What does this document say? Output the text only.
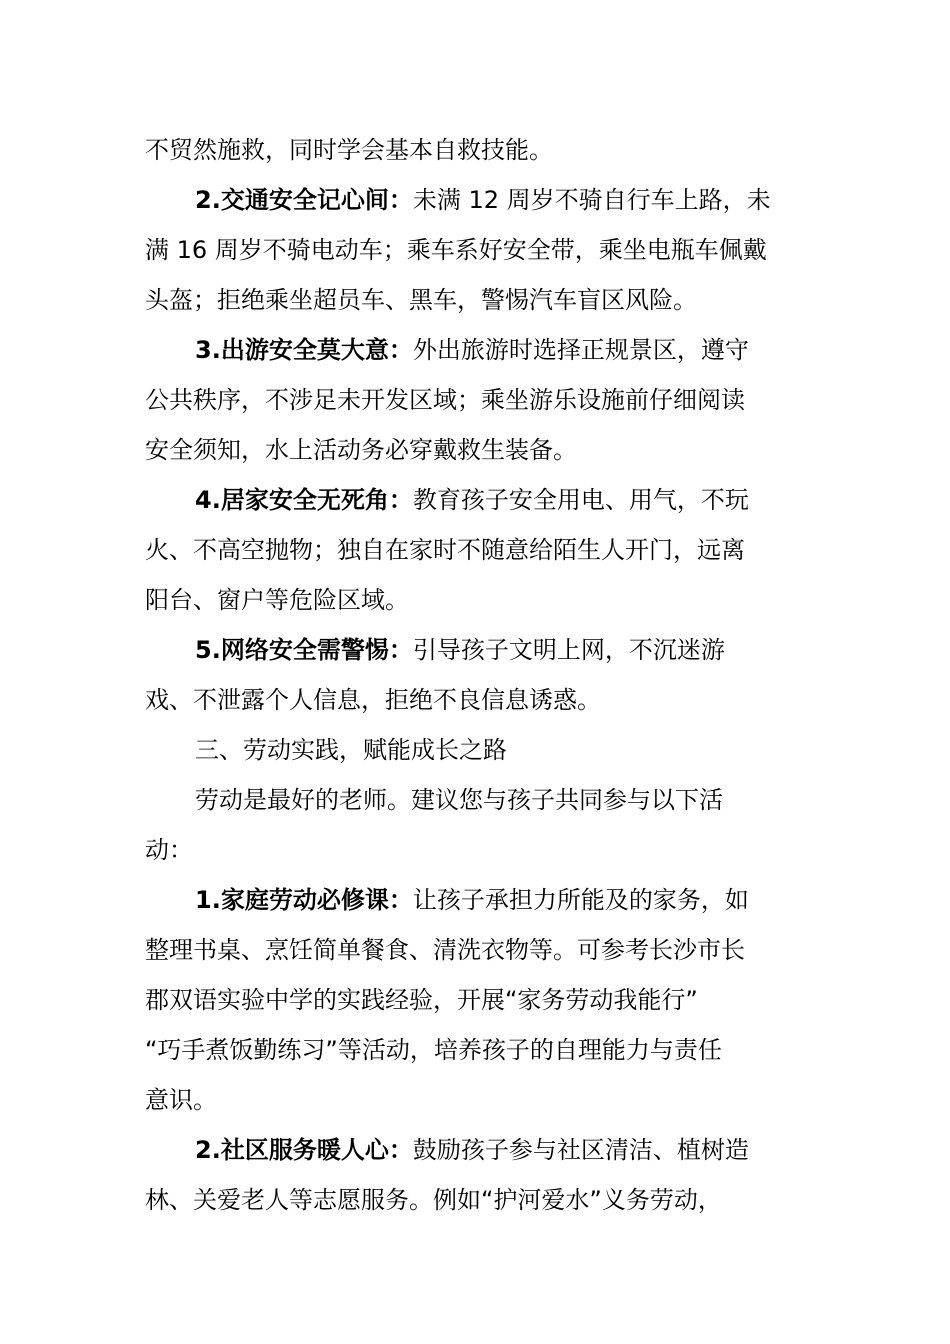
不贸然施救，同时学会基本自救技能。
2.交通安全记心间：未满 12 周岁不骑自行车上路，未
满 16 周岁不骑电动车；乘车系好安全带，乘坐电瓶车佩戴
头盔；拒绝乘坐超员车、黑车，警惕汽车盲区风险。
3.出游安全莫大意：外出旅游时选择正规景区，遵守
公共秩序，不涉足未开发区域；乘坐游乐设施前仔细阅读
安全须知，水上活动务必穿戴救生装备。
4.居家安全无死角：教育孩子安全用电、用气，不玩
火、不高空抛物；独自在家时不随意给陌生人开门，远离
阳台、窗户等危险区域。
5.网络安全需警惕：引导孩子文明上网，不沉迷游
戏、不泄露个人信息，拒绝不良信息诱惑。
三、劳动实践，赋能成长之路
劳动是最好的老师。建议您与孩子共同参与以下活
动：
1.家庭劳动必修课：让孩子承担力所能及的家务，如
整理书桌、烹饪简单餐食、清洗衣物等。可参考长沙市长
郡双语实验中学的实践经验，开展“家务劳动我能行”
“巧手煮饭勤练习”等活动，培养孩子的自理能力与责任
意识。
2.社区服务暖人心：鼓励孩子参与社区清洁、植树造
林、关爱老人等志愿服务。例如“护河爱水”义务劳动，
